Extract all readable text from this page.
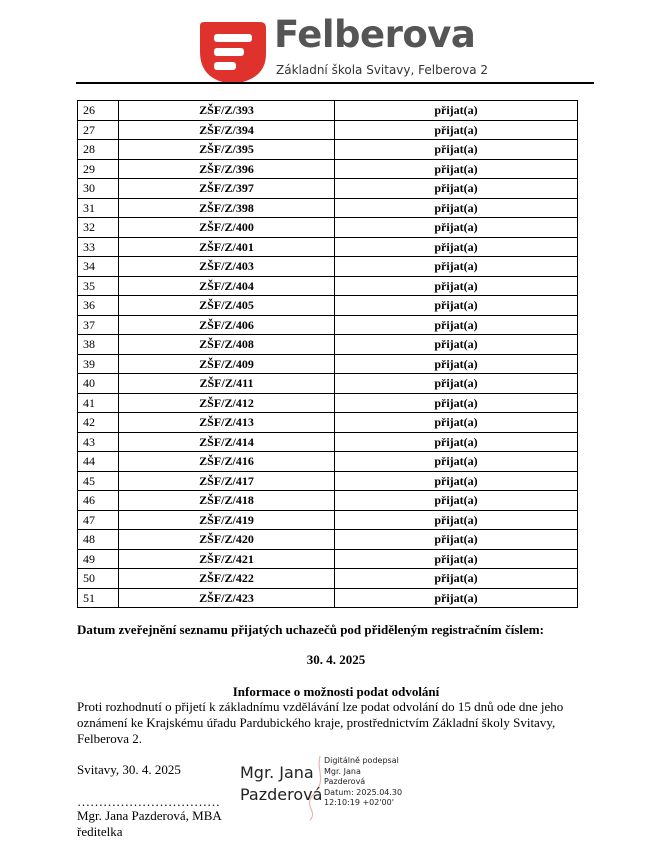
Felberova
Základní škola Svitavy, Felberova 2
26	ZŠF/Z/393	přijat(a)
27	ZŠF/Z/394	přijat(a)
28	ZŠF/Z/395	přijat(a)
29	ZŠF/Z/396	přijat(a)
30	ZŠF/Z/397	přijat(a)
31	ZŠF/Z/398	přijat(a)
32	ZŠF/Z/400	přijat(a)
33	ZŠF/Z/401	přijat(a)
34	ZŠF/Z/403	přijat(a)
35	ZŠF/Z/404	přijat(a)
36	ZŠF/Z/405	přijat(a)
37	ZŠF/Z/406	přijat(a)
38	ZŠF/Z/408	přijat(a)
39	ZŠF/Z/409	přijat(a)
40	ZŠF/Z/411	přijat(a)
41	ZŠF/Z/412	přijat(a)
42	ZŠF/Z/413	přijat(a)
43	ZŠF/Z/414	přijat(a)
44	ZŠF/Z/416	přijat(a)
45	ZŠF/Z/417	přijat(a)
46	ZŠF/Z/418	přijat(a)
47	ZŠF/Z/419	přijat(a)
48	ZŠF/Z/420	přijat(a)
49	ZŠF/Z/421	přijat(a)
50	ZŠF/Z/422	přijat(a)
51	ZŠF/Z/423	přijat(a)
Datum zveřejnění seznamu přijatých uchazečů pod přiděleným registračním číslem:
30. 4. 2025
Informace o možnosti podat odvolání
Proti rozhodnutí o přijetí k základnímu vzdělávání lze podat odvolání do 15 dnů ode dne jeho
oznámení ke Krajskému úřadu Pardubického kraje, prostřednictvím Základní školy Svitavy,
Felberova 2.
Svitavy, 30. 4. 2025
……………………………
Mgr. Jana Pazderová, MBA
ředitelka
Mgr. Jana
Pazderová
Digitálně podepsal
Mgr. Jana
Pazderová
Datum: 2025.04.30
12:10:19 +02'00'
